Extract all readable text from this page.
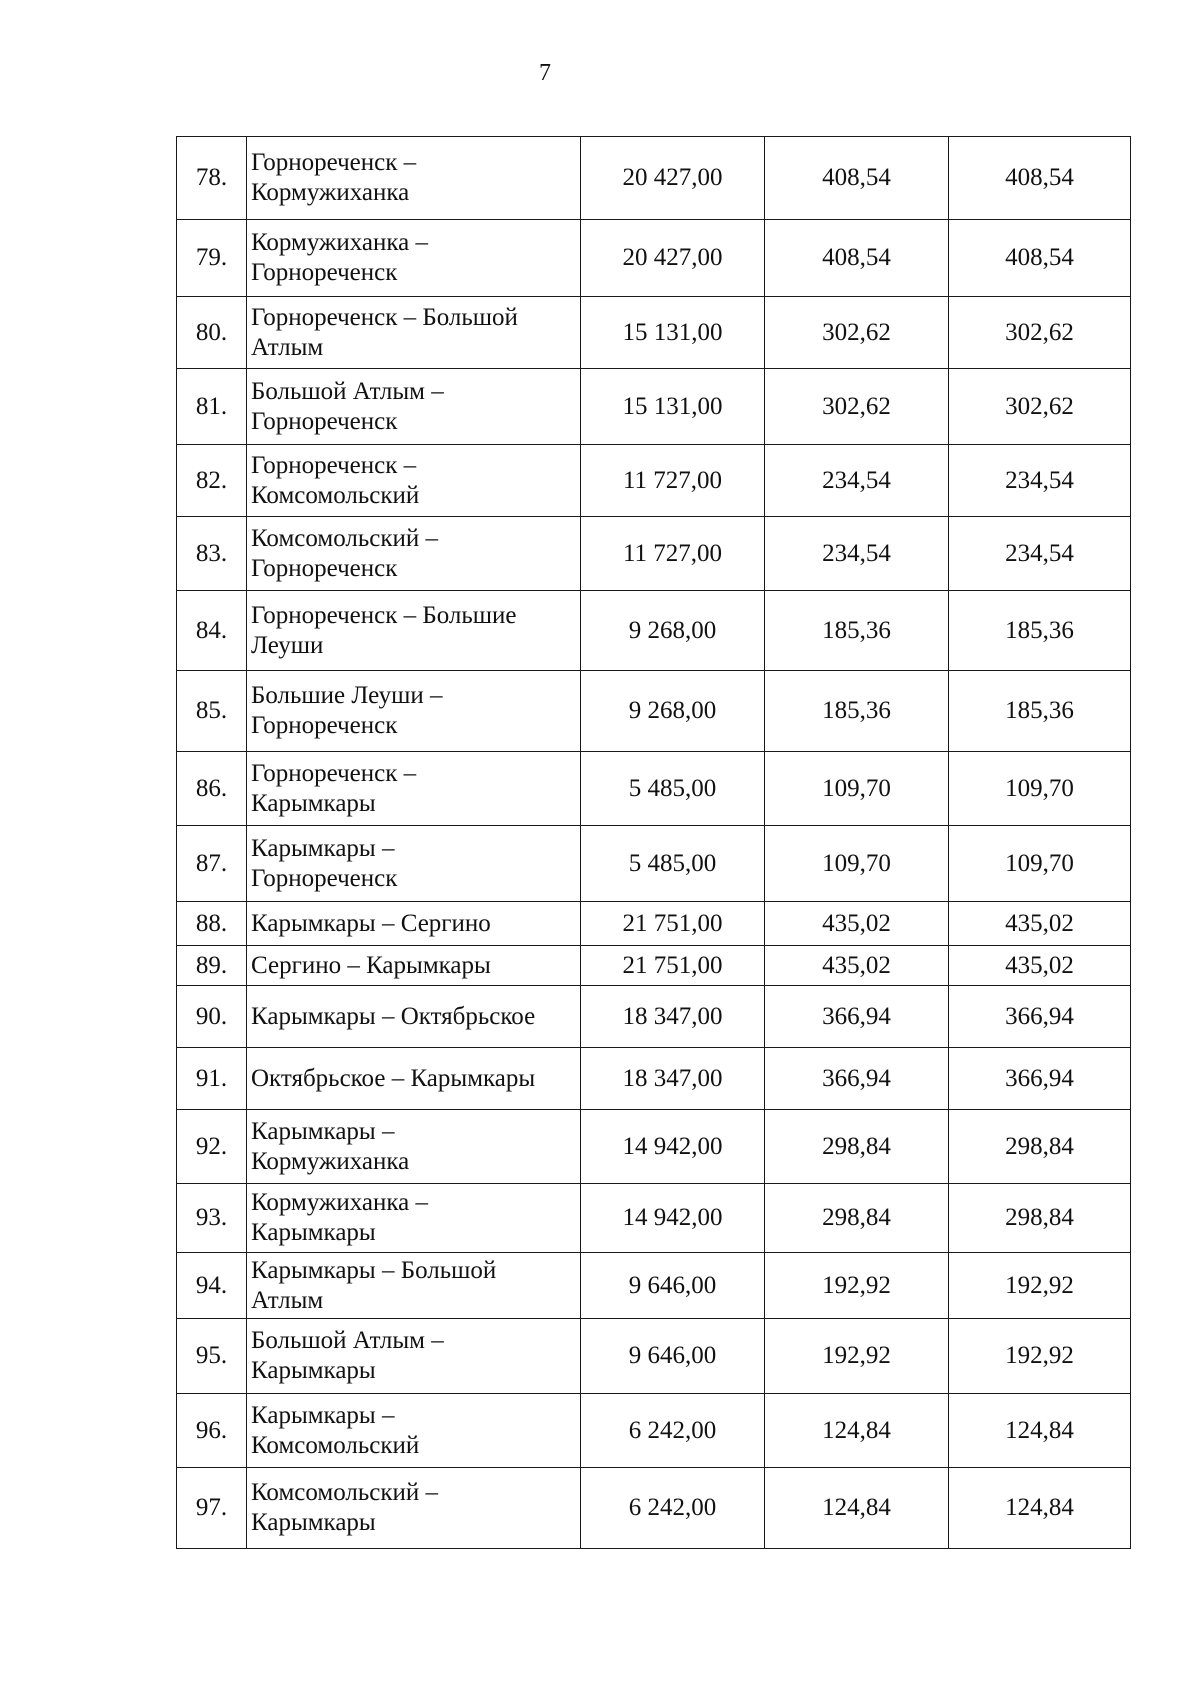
7
78.	Горнореченск –
Кормужиханка	20 427,00	408,54	408,54
79.	Кормужиханка –
Горнореченск	20 427,00	408,54	408,54
80.	Горнореченск – Большой
Атлым	15 131,00	302,62	302,62
81.	Большой Атлым –
Горнореченск	15 131,00	302,62	302,62
82.	Горнореченск –
Комсомольский	11 727,00	234,54	234,54
83.	Комсомольский –
Горнореченск	11 727,00	234,54	234,54
84.	Горнореченск – Большие
Леуши	9 268,00	185,36	185,36
85.	Большие Леуши –
Горнореченск	9 268,00	185,36	185,36
86.	Горнореченск –
Карымкары	5 485,00	109,70	109,70
87.	Карымкары –
Горнореченск	5 485,00	109,70	109,70
88.	Карымкары – Сергино	21 751,00	435,02	435,02
89.	Сергино – Карымкары	21 751,00	435,02	435,02
90.	Карымкары – Октябрьское	18 347,00	366,94	366,94
91.	Октябрьское – Карымкары	18 347,00	366,94	366,94
92.	Карымкары –
Кормужиханка	14 942,00	298,84	298,84
93.	Кормужиханка –
Карымкары	14 942,00	298,84	298,84
94.	Карымкары – Большой
Атлым	9 646,00	192,92	192,92
95.	Большой Атлым –
Карымкары	9 646,00	192,92	192,92
96.	Карымкары –
Комсомольский	6 242,00	124,84	124,84
97.	Комсомольский –
Карымкары	6 242,00	124,84	124,84
